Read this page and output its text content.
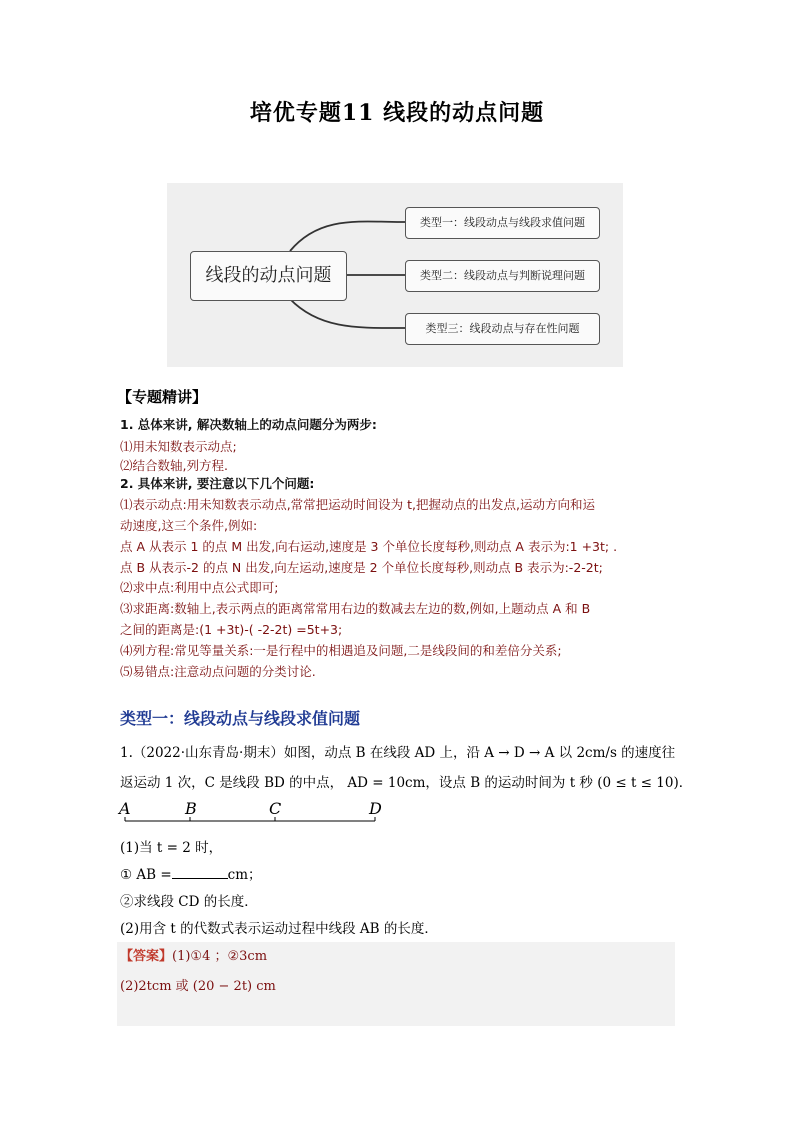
培优专题11 线段的动点问题
线段的动点问题
类型一：线段动点与线段求值问题
类型二：线段动点与判断说理问题
类型三：线段动点与存在性问题
【专题精讲】
1. 总体来讲, 解决数轴上的动点问题分为两步:
⑴用未知数表示动点;
⑵结合数轴,列方程.
2. 具体来讲, 要注意以下几个问题:
⑴表示动点:用未知数表示动点,常常把运动时间设为 t,把握动点的出发点,运动方向和运
动速度,这三个条件,例如:
点 A 从表示 1 的点 M 出发,向右运动,速度是 3 个单位长度每秒,则动点 A 表示为:1 +3t; .
点 B 从表示-2 的点 N 出发,向左运动,速度是 2 个单位长度每秒,则动点 B 表示为:-2-2t;
⑵求中点:利用中点公式即可;
⑶求距离:数轴上,表示两点的距离常常用右边的数减去左边的数,例如,上题动点 A 和 B
之间的距离是:(1 +3t)-( -2-2t) =5t+3;
⑷列方程:常见等量关系:一是行程中的相遇追及问题,二是线段间的和差倍分关系;
⑸易错点:注意动点问题的分类讨论.
类型一：线段动点与线段求值问题
1.（2022·山东青岛·期末）如图，动点 B 在线段 AD 上，沿 A → D → A 以 2cm/s 的速度往
返运动 1 次，C 是线段 BD 的中点， AD = 10cm，设点 B 的运动时间为 t 秒 (0 ≤ t ≤ 10)．
A	B	C	D
(1)当 t = 2 时，
① AB =	cm；
②求线段 CD 的长度．
(2)用含 t 的代数式表示运动过程中线段 AB 的长度．
【答案】(1)①4 ；②3cm
(2)2tcm 或 (20 − 2t) cm
